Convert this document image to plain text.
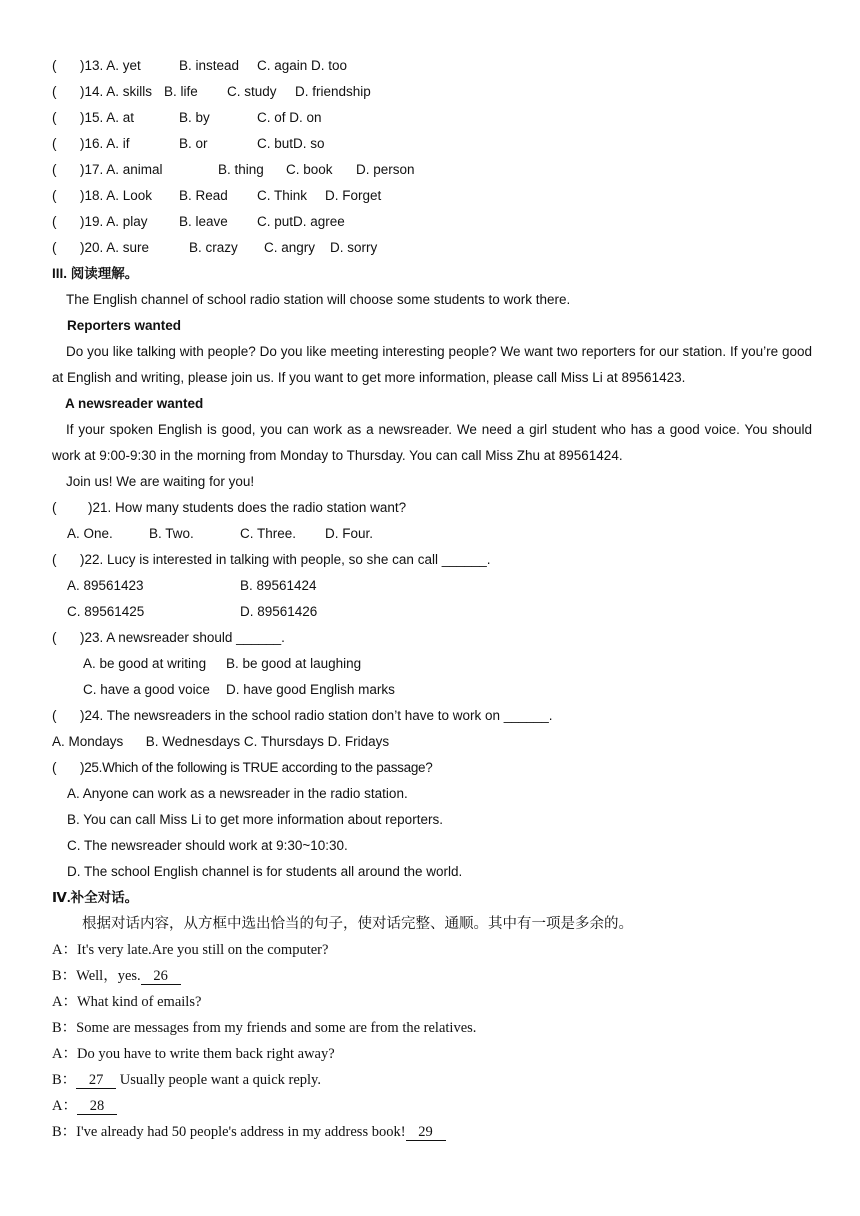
( )13. A. yet	B. instead C. again D. too
( )14. A. skills B. life C. study D. friendship
( )15. A. at	B. by	C. of D. on
( )16. A. if	B. or	C. butD. so
( )17. A. animal	B. thing C. book D. person
( )18. A. Look B. Read C. Think D. Forget
( )19. A. play B. leave C. putD. agree
( )20. A. sure	B. crazy C. angry D. sorry
III. 阅读理解。
The English channel of school radio station will choose some students to work there.
Reporters wanted
Do you like talking with people? Do you like meeting interesting people? We want two reporters for our station. If you’re good at English and writing, please join us. If you want to get more information, please call Miss Li at 89561423.
A newsreader wanted
If your spoken English is good, you can work as a newsreader. We need a girl student who has a good voice. You should work at 9:00-9:30 in the morning from Monday to Thursday. You can call Miss Zhu at 89561424.
Join us! We are waiting for you!
( )21. How many students does the radio station want?
A. One.	B. Two.	C. Three. D. Four.
( )22. Lucy is interested in talking with people, so she can call ______.
A. 89561423	B. 89561424
C. 89561425	D. 89561426
( )23. A newsreader should ______.
A. be good at writing B. be good at laughing
C. have a good voice D. have good English marks
( )24. The newsreaders in the school radio station don’t have to work on ______.
A. Mondays      B. Wednesdays C. Thursdays D. Fridays
( )25.Which of the following is TRUE according to the passage?
A. Anyone can work as a newsreader in the radio station.
B. You can call Miss Li to get more information about reporters.
C. The newsreader should work at 9:30~10:30.
D. The school English channel is for students all around the world.
Ⅳ.补全对话。
根据对话内容，从方框中选出恰当的句子，使对话完整、通顺。其中有一项是多余的。
A：It's very late.Are you still on the computer?
B：Well，yes. 26
A：What kind of emails?
B：Some are messages from my friends and some are from the relatives.
A：Do you have to write them back right away?
B： 27 Usually people want a quick reply.
A： 28
B：I've already had 50 people's address in my address book! 29
